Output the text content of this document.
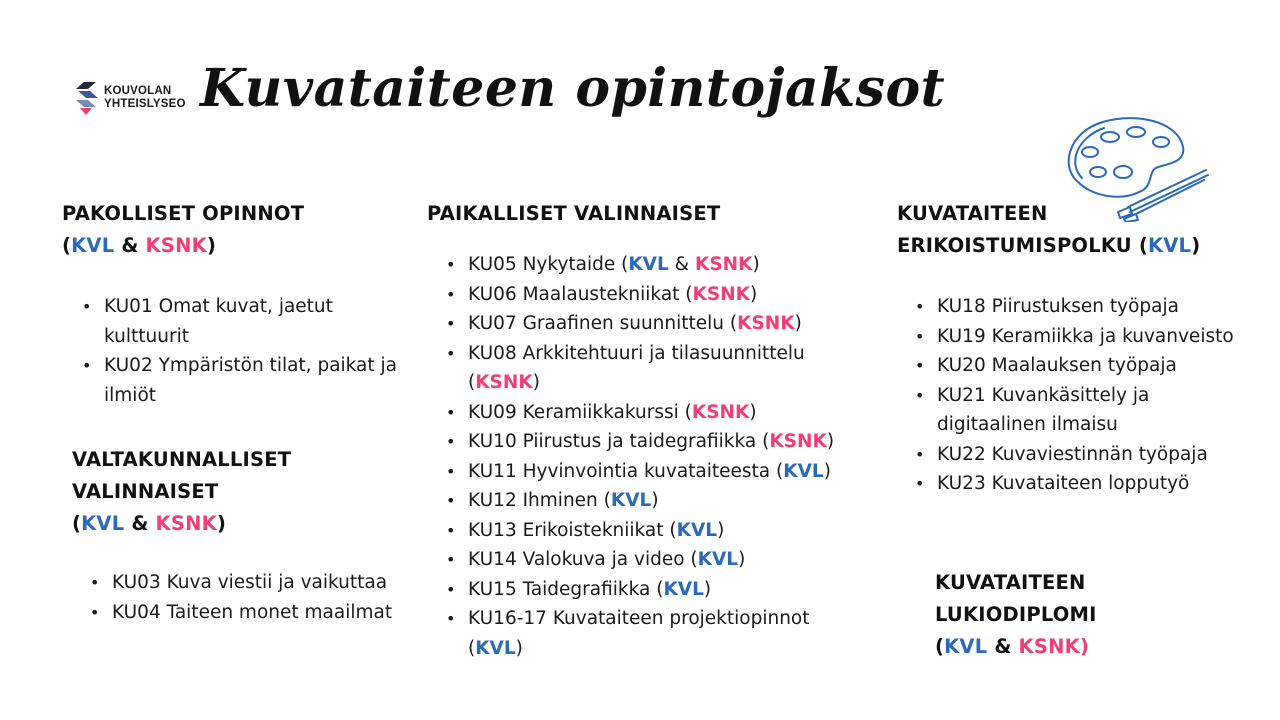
KOUVOLAN
YHTEISLYSEO Kuvataiteen opintojaksot
PAKOLLISET OPINNOT
(KVL & KSNK)
• KU01 Omat kuvat, jaetut kulttuurit
• KU02 Ympäristön tilat, paikat ja ilmiöt
VALTAKUNNALLISET
VALINNAISET
(KVL & KSNK)
• KU03 Kuva viestii ja vaikuttaa
• KU04 Taiteen monet maailmat
PAIKALLISET VALINNAISET
• KU05 Nykytaide (KVL & KSNK)
• KU06 Maalaustekniikat (KSNK)
• KU07 Graafinen suunnittelu (KSNK)
• KU08 Arkkitehtuuri ja tilasuunnittelu (KSNK)
• KU09 Keramiikkakurssi (KSNK)
• KU10 Piirustus ja taidegrafiikka (KSNK)
• KU11 Hyvinvointia kuvataiteesta (KVL)
• KU12 Ihminen (KVL)
• KU13 Erikoistekniikat (KVL)
• KU14 Valokuva ja video (KVL)
• KU15 Taidegrafiikka (KVL)
• KU16-17 Kuvataiteen projektiopinnot (KVL)
KUVATAITEEN
ERIKOISTUMISPOLKU (KVL)
• KU18 Piirustuksen työpaja
• KU19 Keramiikka ja kuvanveisto
• KU20 Maalauksen työpaja
• KU21 Kuvankäsittely ja digitaalinen ilmaisu
• KU22 Kuvaviestinnän työpaja
• KU23 Kuvataiteen lopputyö
KUVATAITEEN
LUKIODIPLOMI
(KVL & KSNK)
